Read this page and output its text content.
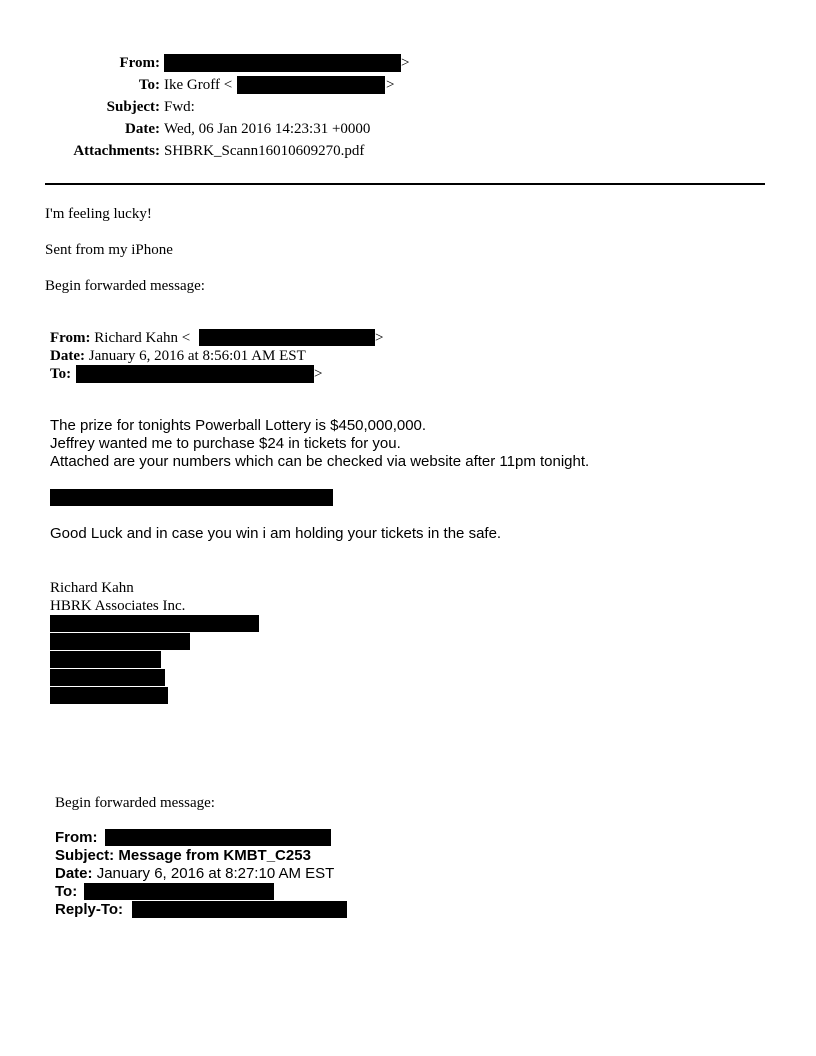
From:	>
To: Ike Groff <	>
Subject: Fwd:
Date: Wed, 06 Jan 2016 14:23:31 +0000
Attachments: SHBRK_Scann16010609270.pdf
I'm feeling lucky!
Sent from my iPhone
Begin forwarded message:
From: Richard Kahn <	>
Date: January 6, 2016 at 8:56:01 AM EST
To:	>
The prize for tonights Powerball Lottery is $450,000,000.
Jeffrey wanted me to purchase $24 in tickets for you.
Attached are your numbers which can be checked via website after 11pm tonight.
Good Luck and in case you win i am holding your tickets in the safe.
Richard Kahn
HBRK Associates Inc.
Begin forwarded message:
From:
Subject: Message from KMBT_C253
Date: January 6, 2016 at 8:27:10 AM EST
To:
Reply-To:
